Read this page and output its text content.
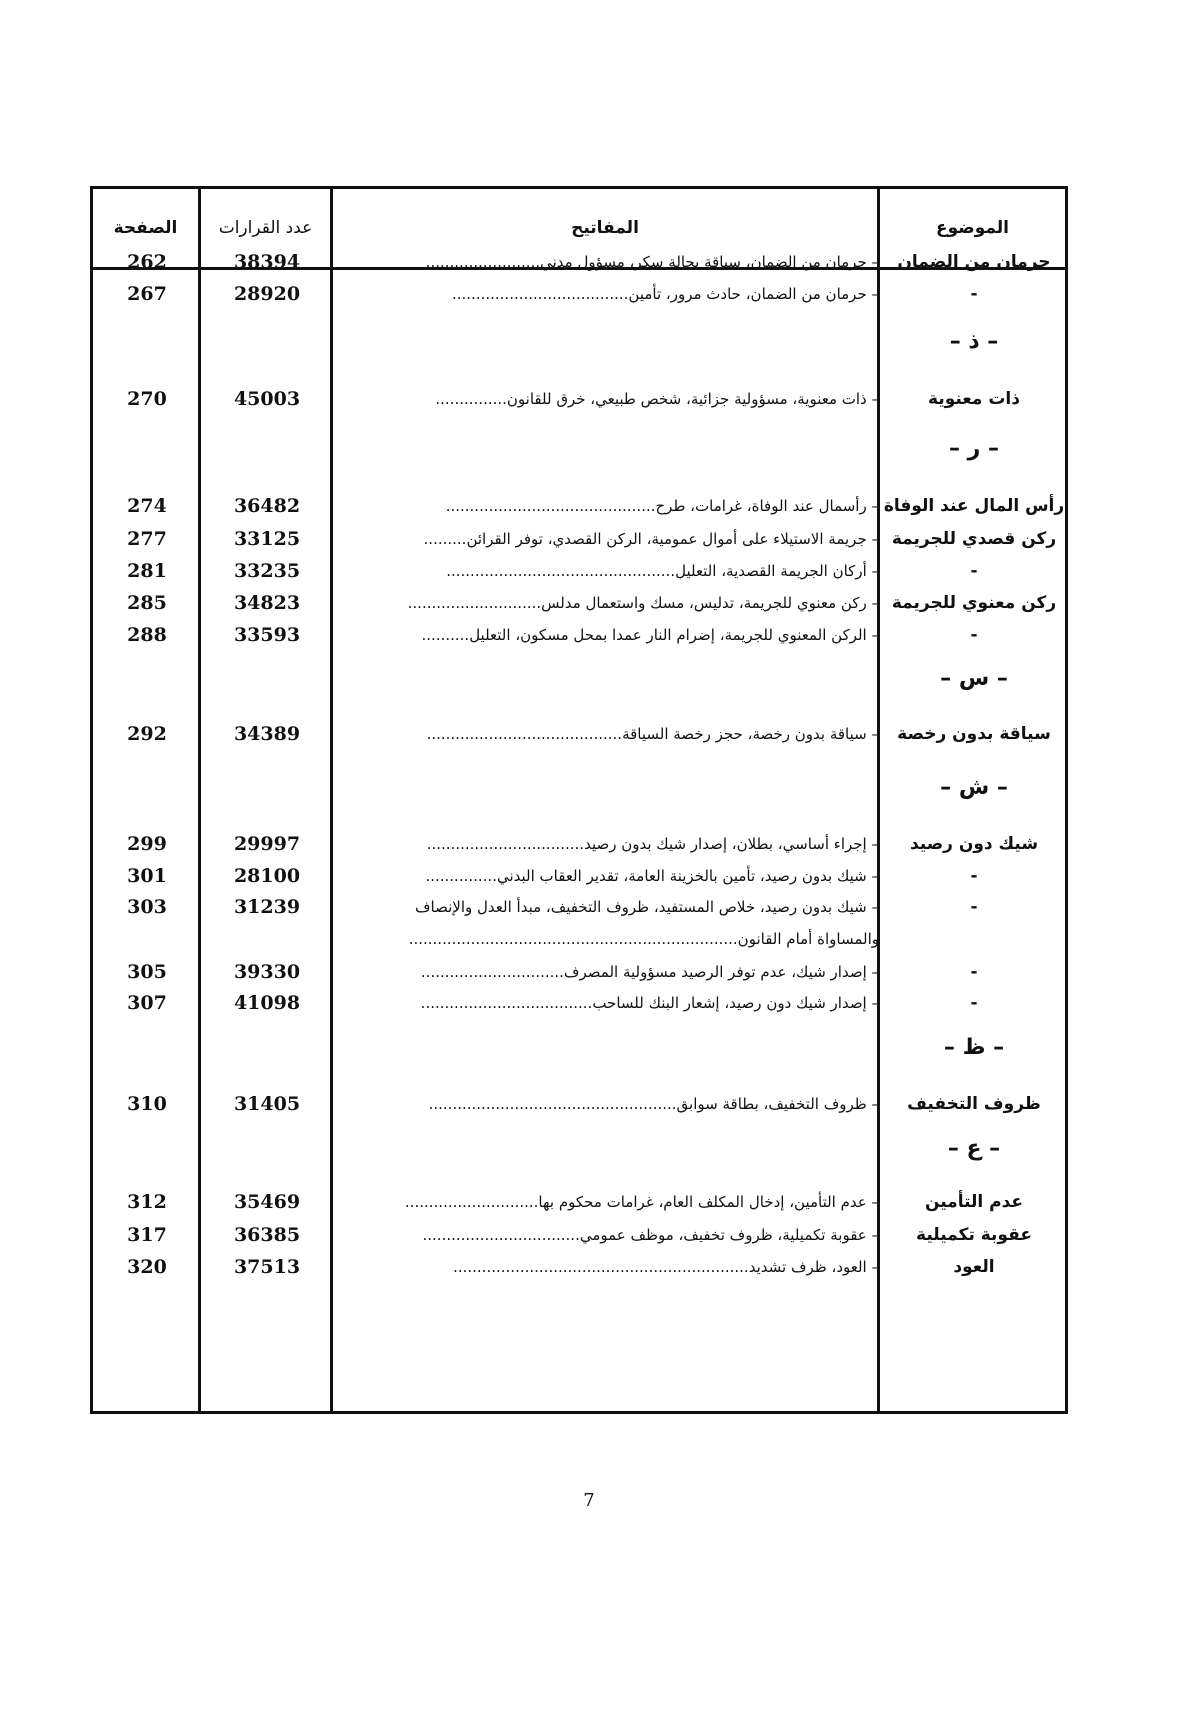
الصفحة	عدد القرارات	المفاتيح	الموضوع
262	38394	– حرمان من الضمان، سياقة بحالة سكر، مسؤول مدني........................	حرمان من الضمان
267	28920	– حرمان من الضمان، حادث مرور، تأمين.....................................	-
– ذ –
270	45003	– ذات معنوية، مسؤولية جزائية، شخص طبيعي، خرق للقانون...............	ذات معنوية
– ر –
274	36482	– رأسمال عند الوفاة، غرامات، طرح............................................ رأس المال عند الوفاة
277	33125	– جريمة الاستيلاء على أموال عمومية، الركن القصدي، توفر القرائن......... ركن قصدي للجريمة
281	33235	– أركان الجريمة القصدية، التعليل................................................	-
285	34823	– ركن معنوي للجريمة، تدليس، مسك واستعمال مدلس............................ ركن معنوي للجريمة
288	33593	– الركن المعنوي للجريمة، إضرام النار عمدا بمحل مسكون، التعليل..........	-
– س –
292	34389	– سياقة بدون رخصة، حجز رخصة السياقة.........................................	سياقة بدون رخصة
– ش –
299	29997	– إجراء أساسي، بطلان، إصدار شيك بدون رصيد.................................	شيك دون رصيد
301	28100	– شيك بدون رصيد، تأمين بالخزينة العامة، تقدير العقاب البدني...............	-
303	31239	– شيك بدون رصيد، خلاص المستفيد، ظروف التخفيف، مبدأ العدل والإنصاف	-
والمساواة أمام القانون.....................................................................
305	39330	– إصدار شيك، عدم توفر الرصيد مسؤولية المصرف..............................	-
307	41098	– إصدار شيك دون رصيد، إشعار البنك للساحب....................................	-
– ظ –
310	31405	– ظروف التخفيف، بطاقة سوابق....................................................	ظروف التخفيف
– ع –
312	35469	– عدم التأمين، إدخال المكلف العام، غرامات محكوم بها............................	عدم التأمين
317	36385	– عقوبة تكميلية، ظروف تخفيف، موظف عمومي.................................	عقوبة تكميلية
320	37513	– العود، ظرف تشديد..............................................................	العود
7
